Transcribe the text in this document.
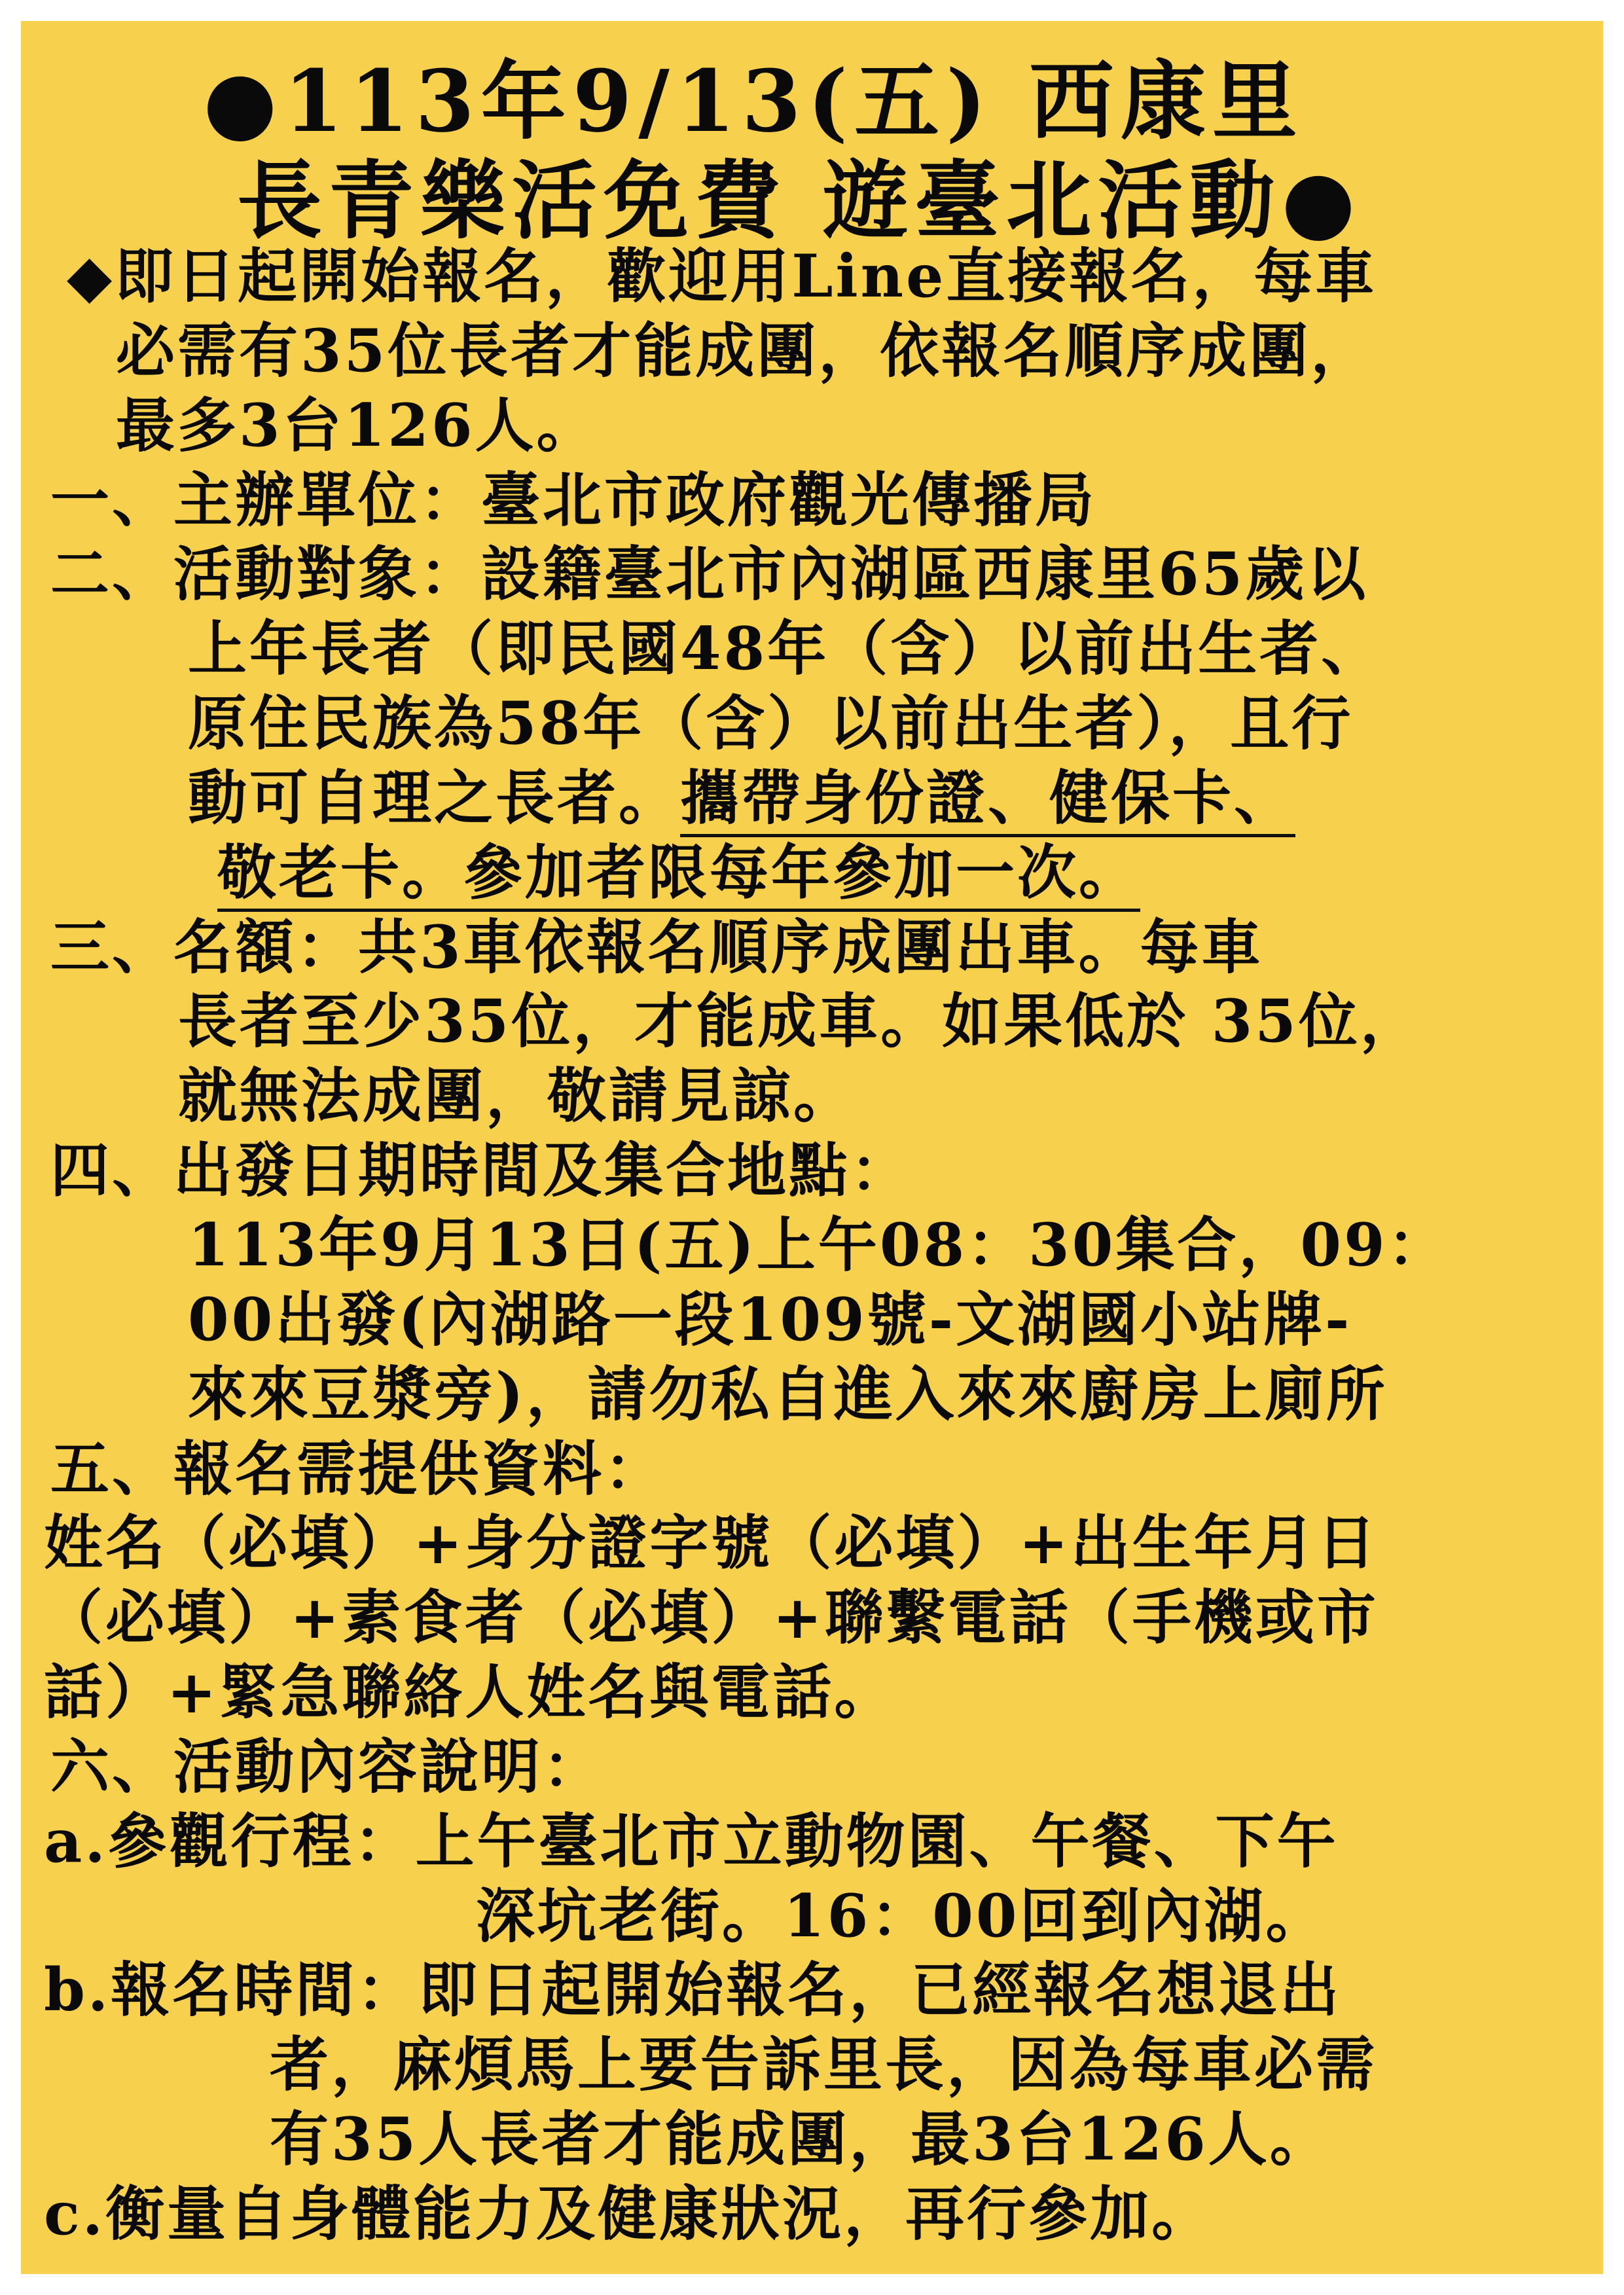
●113年9/13(五) 西康里
長青樂活免費 遊臺北活動●
◆即日起開始報名，歡迎用Line直接報名，每車
必需有35位長者才能成團，依報名順序成團，
最多3台126人。
一、主辦單位：臺北市政府觀光傳播局
二、活動對象：設籍臺北市內湖區西康里65歲以
上年長者（即民國48年（含）以前出生者、
原住民族為58年（含）以前出生者），且行
動可自理之長者。攜帶身份證、健保卡、
敬老卡。參加者限每年參加一次。
三、名額：共3車依報名順序成團出車。每車
長者至少35位，才能成車。如果低於 35位，
就無法成團，敬請見諒。
四、出發日期時間及集合地點：
113年9月13日(五)上午08：30集合，09：
00出發(內湖路一段109號-文湖國小站牌-
來來豆漿旁)，請勿私自進入來來廚房上廁所
五、報名需提供資料：
姓名（必填）+身分證字號（必填）+出生年月日
（必填）+素食者（必填）+聯繫電話（手機或市
話）+緊急聯絡人姓名與電話。
六、活動內容說明：
a.參觀行程：上午臺北市立動物園、午餐、下午
深坑老街。16：00回到內湖。
b.報名時間：即日起開始報名，已經報名想退出
者，麻煩馬上要告訴里長，因為每車必需
有35人長者才能成團，最3台126人。
c.衡量自身體能力及健康狀況，再行參加。
